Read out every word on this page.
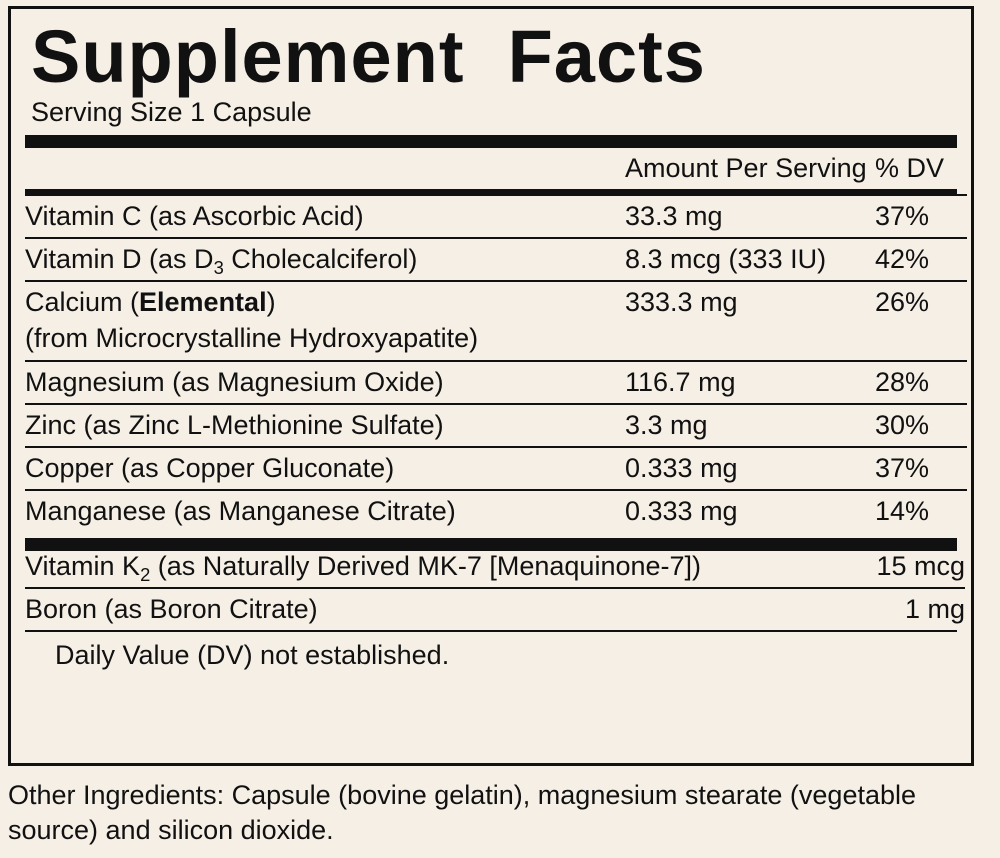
Supplement  Facts
Serving Size 1 Capsule
	Amount Per Serving	% DV
Vitamin C (as Ascorbic Acid)	33.3 mg	37%
Vitamin D (as $D_3$ Cholecalciferol)	8.3 mcg (333 IU)	42%
Calcium (Elemental)	333.3 mg	26%
(from Microcrystalline Hydroxyapatite)		
Magnesium (as Magnesium Oxide)	116.7 mg	28%
Zinc (as Zinc L-Methionine Sulfate)	3.3 mg	30%
Copper (as Copper Gluconate)	0.333 mg	37%
Manganese (as Manganese Citrate)	0.333 mg	14%
Vitamin $K_2$ (as Naturally Derived MK-7 [Menaquinone-7])	15 mcg
Boron (as Boron Citrate)	1 mg
Daily Value (DV) not established.
Other Ingredients: Capsule (bovine gelatin), magnesium stearate (vegetable source) and silicon dioxide.
